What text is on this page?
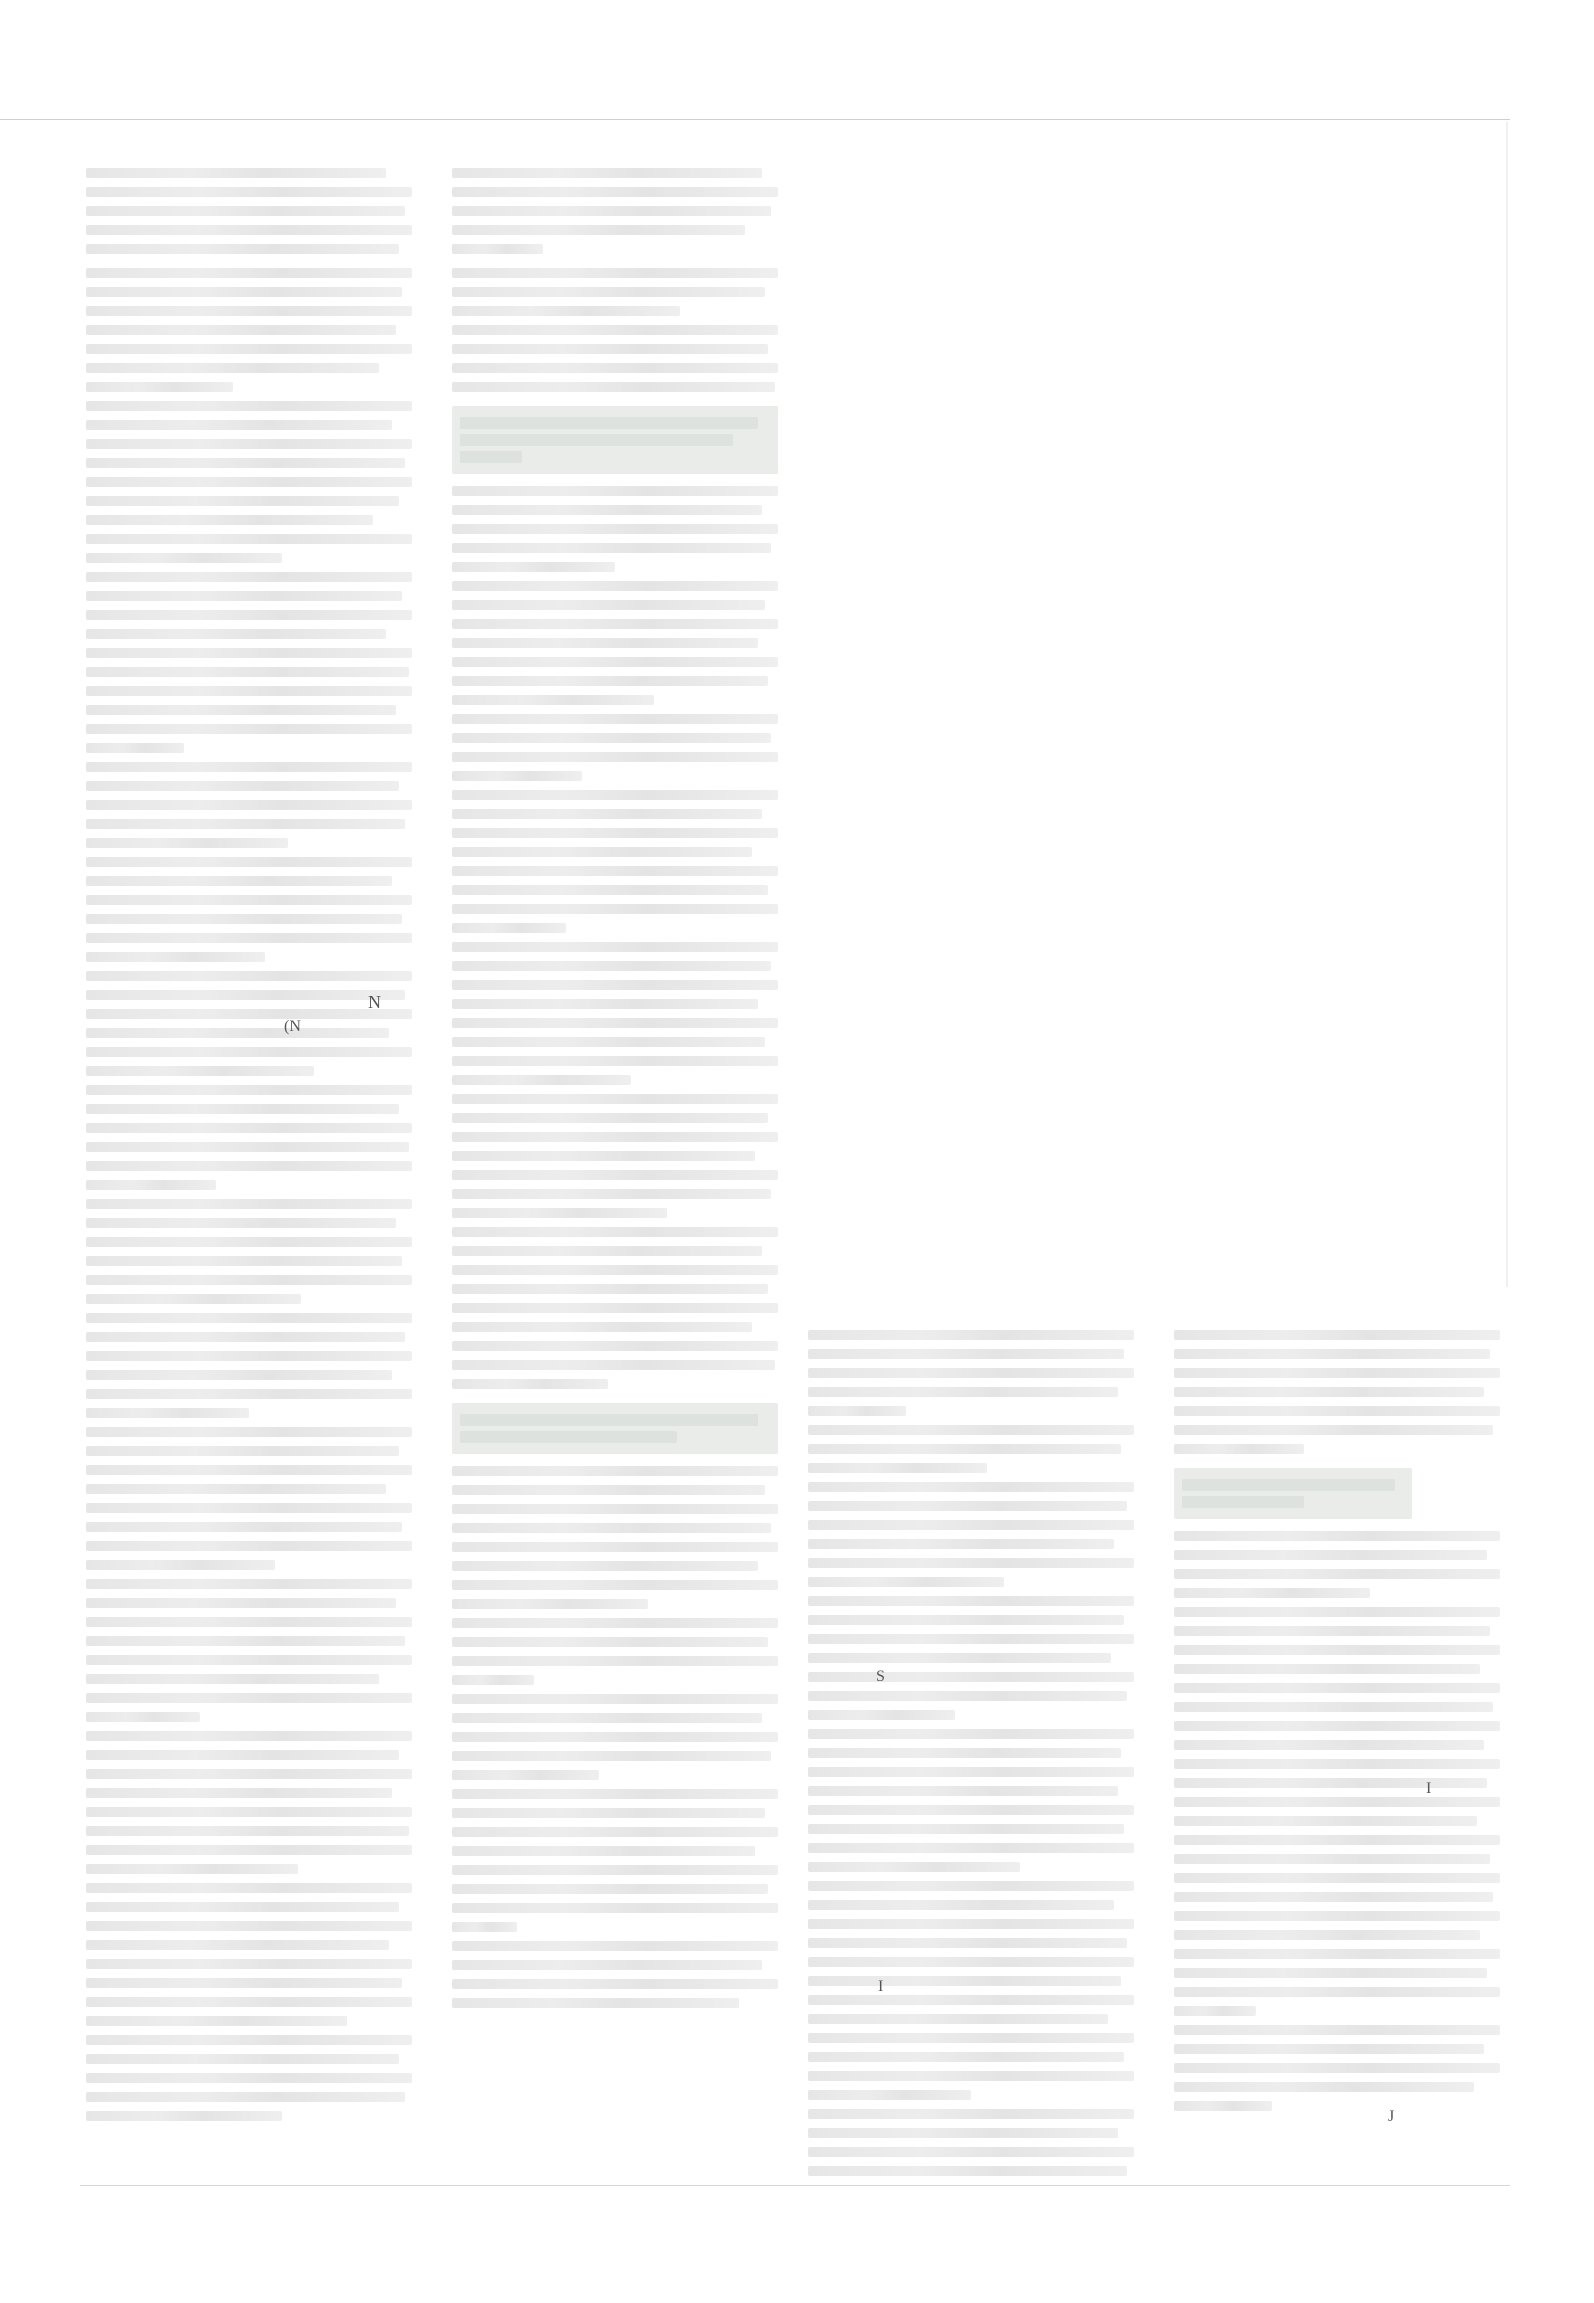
N
(N
S
I
I
J
